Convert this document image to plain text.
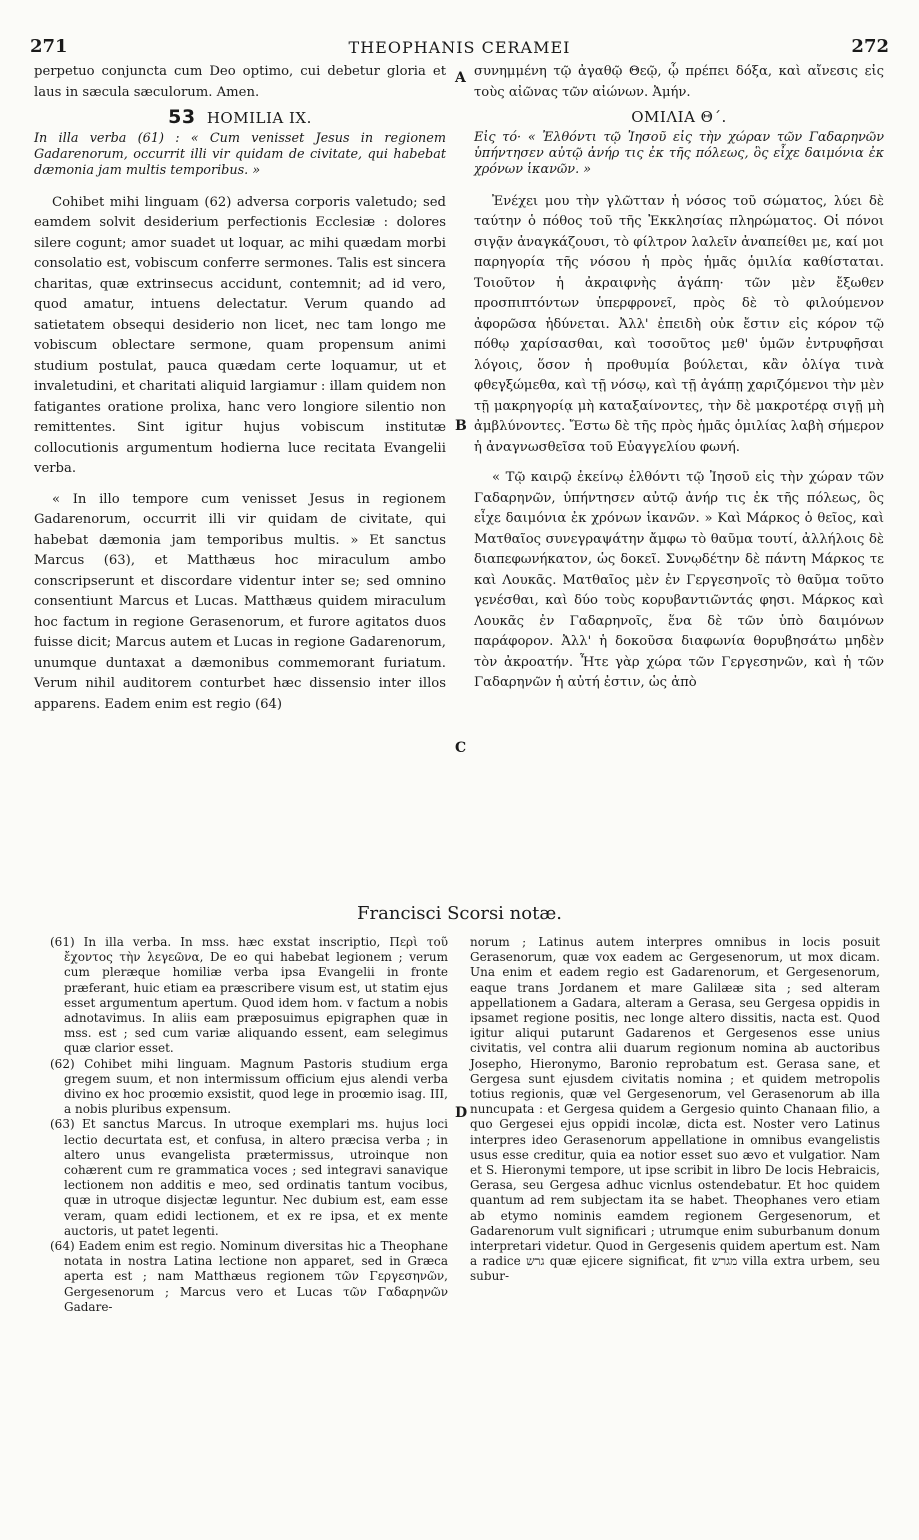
271	THEOPHANIS CERAMEI	272
A
B
C
D

perpetuo conjuncta cum Deo optimo, cui debetur gloria et laus in sæcula sæculorum. Amen.

53 HOMILIA IX.

In illa verba (61) : « Cum venisset Jesus in regionem Gadarenorum, occurrit illi vir quidam de civitate, qui habebat dæmonia jam multis temporibus. »

Cohibet mihi linguam (62) adversa corporis valetudo; sed eamdem solvit desiderium perfectionis Ecclesiæ : dolores silere cogunt; amor suadet ut loquar, ac mihi quædam morbi consolatio est, vobiscum conferre sermones. Talis est sincera charitas, quæ extrinsecus accidunt, contemnit; ad id vero, quod amatur, intuens delectatur. Verum quando ad satietatem obsequi desiderio non licet, nec tam longo me vobiscum oblectare sermone, quam propensum animi studium postulat, pauca quædam certe loquamur, ut et invaletudini, et charitati aliquid largiamur : illam quidem non fatigantes oratione prolixa, hanc vero longiore silentio non remittentes. Sint igitur hujus vobiscum institutæ collocutionis argumentum hodierna luce recitata Evangelii verba.

« In illo tempore cum venisset Jesus in regionem Gadarenorum, occurrit illi vir quidam de civitate, qui habebat dæmonia jam temporibus multis. » Et sanctus Marcus (63), et Matthæus hoc miraculum ambo conscripserunt et discordare videntur inter se; sed omnino consentiunt Marcus et Lucas. Matthæus quidem miraculum hoc factum in regione Gerasenorum, et furore agitatos duos fuisse dicit; Marcus autem et Lucas in regione Gadarenorum, unumque duntaxat a dæmonibus commemorant furiatum. Verum nihil auditorem conturbet hæc dissensio inter illos apparens. Eadem enim est regio (64)

συνημμένη τῷ ἀγαθῷ Θεῷ, ᾧ πρέπει δόξα, καὶ αἴνεσις εἰς τοὺς αἰῶνας τῶν αἰώνων. Ἀμήν.

ΟΜΙΛΙΑ Θ΄.

Εἰς τό· « Ἐλθόντι τῷ Ἰησοῦ εἰς τὴν χώραν τῶν Γαδαρηνῶν ὑπήντησεν αὐτῷ ἀνήρ τις ἐκ τῆς πόλεως, ὃς εἶχε δαιμόνια ἐκ χρόνων ἱκανῶν. »

Ἐνέχει μου τὴν γλῶτταν ἡ νόσος τοῦ σώματος, λύει δὲ ταύτην ὁ πόθος τοῦ τῆς Ἐκκλησίας πληρώματος. Οἱ πόνοι σιγᾷν ἀναγκάζουσι, τὸ φίλτρον λαλεῖν ἀναπείθει με, καί μοι παρηγορία τῆς νόσου ἡ πρὸς ἡμᾶς ὁμιλία καθίσταται. Τοιοῦτον ἡ ἀκραιφνὴς ἀγάπη· τῶν μὲν ἔξωθεν προσπιπτόντων ὑπερφρονεῖ, πρὸς δὲ τὸ φιλούμενον ἀφορῶσα ἡδύνεται. Ἀλλ' ἐπειδὴ οὐκ ἔστιν εἰς κόρον τῷ πόθῳ χαρίσασθαι, καὶ τοσοῦτος μεθ' ὑμῶν ἐντρυφῆσαι λόγοις, ὅσον ἡ προθυμία βούλεται, κἂν ὀλίγα τινὰ φθεγξώμεθα, καὶ τῇ νόσῳ, καὶ τῇ ἀγάπῃ χαριζόμενοι τὴν μὲν τῇ μακρηγορίᾳ μὴ καταξαίνοντες, τὴν δὲ μακροτέρᾳ σιγῇ μὴ ἀμβλύνοντες. Ἔστω δὲ τῆς πρὸς ἡμᾶς ὁμιλίας λαβὴ σήμερον ἡ ἀναγνωσθεῖσα τοῦ Εὐαγγελίου φωνή.

« Τῷ καιρῷ ἐκείνῳ ἐλθόντι τῷ Ἰησοῦ εἰς τὴν χώραν τῶν Γαδαρηνῶν, ὑπήντησεν αὐτῷ ἀνήρ τις ἐκ τῆς πόλεως, ὃς εἶχε δαιμόνια ἐκ χρόνων ἱκανῶν. » Καὶ Μάρκος ὁ θεῖος, καὶ Ματθαῖος συνεγραψάτην ἄμφω τὸ θαῦμα τουτί, ἀλλήλοις δὲ διαπεφωνήκατον, ὡς δοκεῖ. Συνῳδέτην δὲ πάντη Μάρκος τε καὶ Λουκᾶς. Ματθαῖος μὲν ἐν Γεργεσηνοῖς τὸ θαῦμα τοῦτο γενέσθαι, καὶ δύο τοὺς κορυβαντιῶντάς φησι. Μάρκος καὶ Λουκᾶς ἐν Γαδαρηνοῖς, ἕνα δὲ τῶν ὑπὸ δαιμόνων παράφορον. Ἀλλ' ἡ δοκοῦσα διαφωνία θορυβησάτω μηδὲν τὸν ἀκροατήν. Ἦτε γὰρ χώρα τῶν Γεργεσηνῶν, καὶ ἡ τῶν Γαδαρηνῶν ἡ αὐτή ἐστιν, ὡς ἀπὸ

Francisci Scorsi notæ.

(61) In illa verba. In mss. hæc exstat inscriptio, Περὶ τοῦ ἔχοντος τὴν λεγεῶνα, De eo qui habebat legionem ; verum cum pleræque homiliæ verba ipsa Evangelii in fronte præferant, huic etiam ea præscribere visum est, ut statim ejus esset argumentum apertum. Quod idem hom. v factum a nobis adnotavimus. In aliis eam præposuimus epigraphen quæ in mss. est ; sed cum variæ aliquando essent, eam selegimus quæ clarior esset.

(62) Cohibet mihi linguam. Magnum Pastoris studium erga gregem suum, et non intermissum officium ejus alendi verba divino ex hoc proœmio exsistit, quod lege in proœmio isag. III, a nobis pluribus expensum.

(63) Et sanctus Marcus. In utroque exemplari ms. hujus loci lectio decurtata est, et confusa, in altero præcisa verba ; in altero unus evangelista prætermissus, utroinque non cohærent cum re grammatica voces ; sed integravi sanavique lectionem non additis e meo, sed ordinatis tantum vocibus, quæ in utroque disjectæ leguntur. Nec dubium est, eam esse veram, quam edidi lectionem, et ex re ipsa, et ex mente auctoris, ut patet legenti.

(64) Eadem enim est regio. Nominum diversitas hic a Theophane notata in nostra Latina lectione non apparet, sed in Græca aperta est ; nam Matthæus regionem τῶν Γεργεσηνῶν, Gergesenorum ; Marcus vero et Lucas τῶν Γαδαρηνῶν Gadare-

norum ; Latinus autem interpres omnibus in locis posuit Gerasenorum, quæ vox eadem ac Gergesenorum, ut mox dicam. Una enim et eadem regio est Gadarenorum, et Gergesenorum, eaque trans Jordanem et mare Galilææ sita ; sed alteram appellationem a Gadara, alteram a Gerasa, seu Gergesa oppidis in ipsamet regione positis, nec longe altero dissitis, nacta est. Quod igitur aliqui putarunt Gadarenos et Gergesenos esse unius civitatis, vel contra alii duarum regionum nomina ab auctoribus Josepho, Hieronymo, Baronio reprobatum est. Gerasa sane, et Gergesa sunt ejusdem civitatis nomina ; et quidem metropolis totius regionis, quæ vel Gergesenorum, vel Gerasenorum ab illa nuncupata : et Gergesa quidem a Gergesio quinto Chanaan filio, a quo Gergesei ejus oppidi incolæ, dicta est. Noster vero Latinus interpres ideo Gerasenorum appellatione in omnibus evangelistis usus esse creditur, quia ea notior esset suo ævo et vulgatior. Nam et S. Hieronymi tempore, ut ipse scribit in libro De locis Hebraicis, Gerasa, seu Gergesa adhuc vicnlus ostendebatur. Et hoc quidem quantum ad rem subjectam ita se habet. Theophanes vero etiam ab etymo nominis eamdem regionem Gergesenorum, et Gadarenorum vult significari ; utrumque enim suburbanum donum interpretari videtur. Quod in Gergesenis quidem apertum est. Nam a radice גרש quæ ejicere significat, fit מגרש villa extra urbem, seu subur-
